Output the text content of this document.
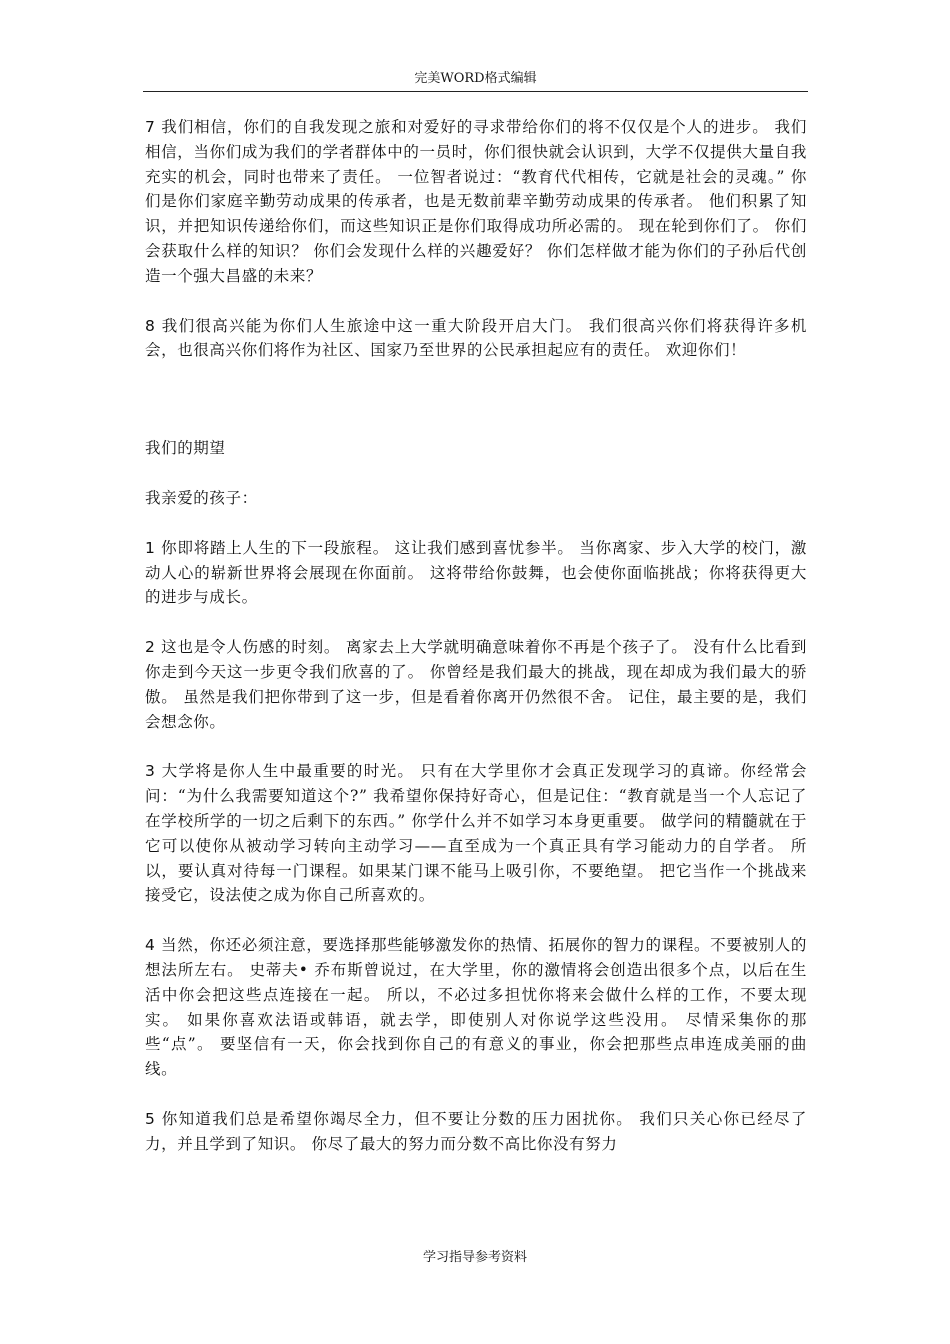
完美WORD格式编辑

7 我们相信，你们的自我发现之旅和对爱好的寻求带给你们的将不仅仅是个人的进步。 我们相信，当你们成为我们的学者群体中的一员时，你们很快就会认识到，大学不仅提供大量自我充实的机会，同时也带来了责任。 一位智者说过：“教育代代相传，它就是社会的灵魂。” 你们是你们家庭辛勤劳动成果的传承者，也是无数前辈辛勤劳动成果的传承者。 他们积累了知识，并把知识传递给你们，而这些知识正是你们取得成功所必需的。 现在轮到你们了。 你们会获取什么样的知识？ 你们会发现什么样的兴趣爱好？ 你们怎样做才能为你们的子孙后代创造一个强大昌盛的未来？

8 我们很高兴能为你们人生旅途中这一重大阶段开启大门。 我们很高兴你们将获得许多机会，也很高兴你们将作为社区、国家乃至世界的公民承担起应有的责任。 欢迎你们！

我们的期望

我亲爱的孩子：

1 你即将踏上人生的下一段旅程。 这让我们感到喜忧参半。 当你离家、步入大学的校门，激动人心的崭新世界将会展现在你面前。 这将带给你鼓舞，也会使你面临挑战；你将获得更大的进步与成长。

2 这也是令人伤感的时刻。 离家去上大学就明确意味着你不再是个孩子了。 没有什么比看到你走到今天这一步更令我们欣喜的了。 你曾经是我们最大的挑战，现在却成为我们最大的骄傲。 虽然是我们把你带到了这一步，但是看着你离开仍然很不舍。 记住，最主要的是，我们会想念你。

3 大学将是你人生中最重要的时光。 只有在大学里你才会真正发现学习的真谛。你经常会问：“为什么我需要知道这个?” 我希望你保持好奇心，但是记住：“教育就是当一个人忘记了在学校所学的一切之后剩下的东西。” 你学什么并不如学习本身更重要。 做学问的精髓就在于它可以使你从被动学习转向主动学习——直至成为一个真正具有学习能动力的自学者。 所以，要认真对待每一门课程。如果某门课不能马上吸引你，不要绝望。 把它当作一个挑战来接受它，设法使之成为你自己所喜欢的。

4 当然，你还必须注意，要选择那些能够激发你的热情、拓展你的智力的课程。不要被别人的想法所左右。 史蒂夫• 乔布斯曾说过，在大学里，你的激情将会创造出很多个点，以后在生活中你会把这些点连接在一起。 所以，不必过多担忧你将来会做什么样的工作，不要太现实。 如果你喜欢法语或韩语，就去学，即使别人对你说学这些没用。 尽情采集你的那些“点”。 要坚信有一天，你会找到你自己的有意义的事业，你会把那些点串连成美丽的曲线。

5 你知道我们总是希望你竭尽全力，但不要让分数的压力困扰你。 我们只关心你已经尽了力，并且学到了知识。 你尽了最大的努力而分数不高比你没有努力

学习指导参考资料
